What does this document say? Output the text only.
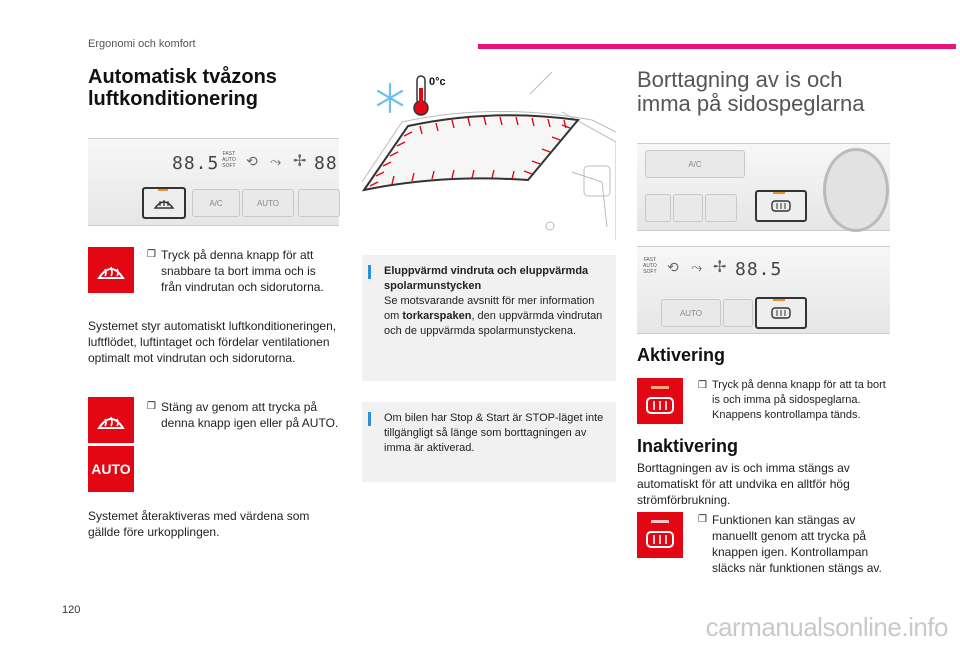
Ergonomi och komfort
Automatisk tvåzons
luftkonditionering
88.5 FAST
AUTO
SOFT ⟲ ⤳ ✢ 88
A/C	AUTO
❒ Tryck på denna knapp för att snabbare ta bort imma och is från vindrutan och sidorutorna.
Systemet styr automatiskt luftkonditioneringen, luftflödet, luftintaget och fördelar ventilationen optimalt mot vindrutan och sidorutorna.
AUTO
❒ Stäng av genom att trycka på denna knapp igen eller på AUTO.
Systemet återaktiveras med värdena som gällde före urkopplingen.
0°c
Eluppvärmd vindruta och eluppvärmda spolarmunstycken
Se motsvarande avsnitt för mer information om torkarspaken, den uppvärmda vindrutan och de uppvärmda spolarmunstyckena.
Om bilen har Stop & Start är STOP-läget inte tillgängligt så länge som borttagningen av imma är aktiverad.
Borttagning av is och
imma på sidospeglarna
A/C
FAST
AUTO
SOFT ⟲ ⤳ ✢ 88.5
AUTO
Aktivering
❒ Tryck på denna knapp för att ta bort is och imma på sidospeglarna. Knappens kontrollampa tänds.
Inaktivering
Borttagningen av is och imma stängs av automatiskt för att undvika en alltför hög strömförbrukning.
❒ Funktionen kan stängas av manuellt genom att trycka på knappen igen. Kontrollampan släcks när funktionen stängs av.
120
carmanualsonline.info
